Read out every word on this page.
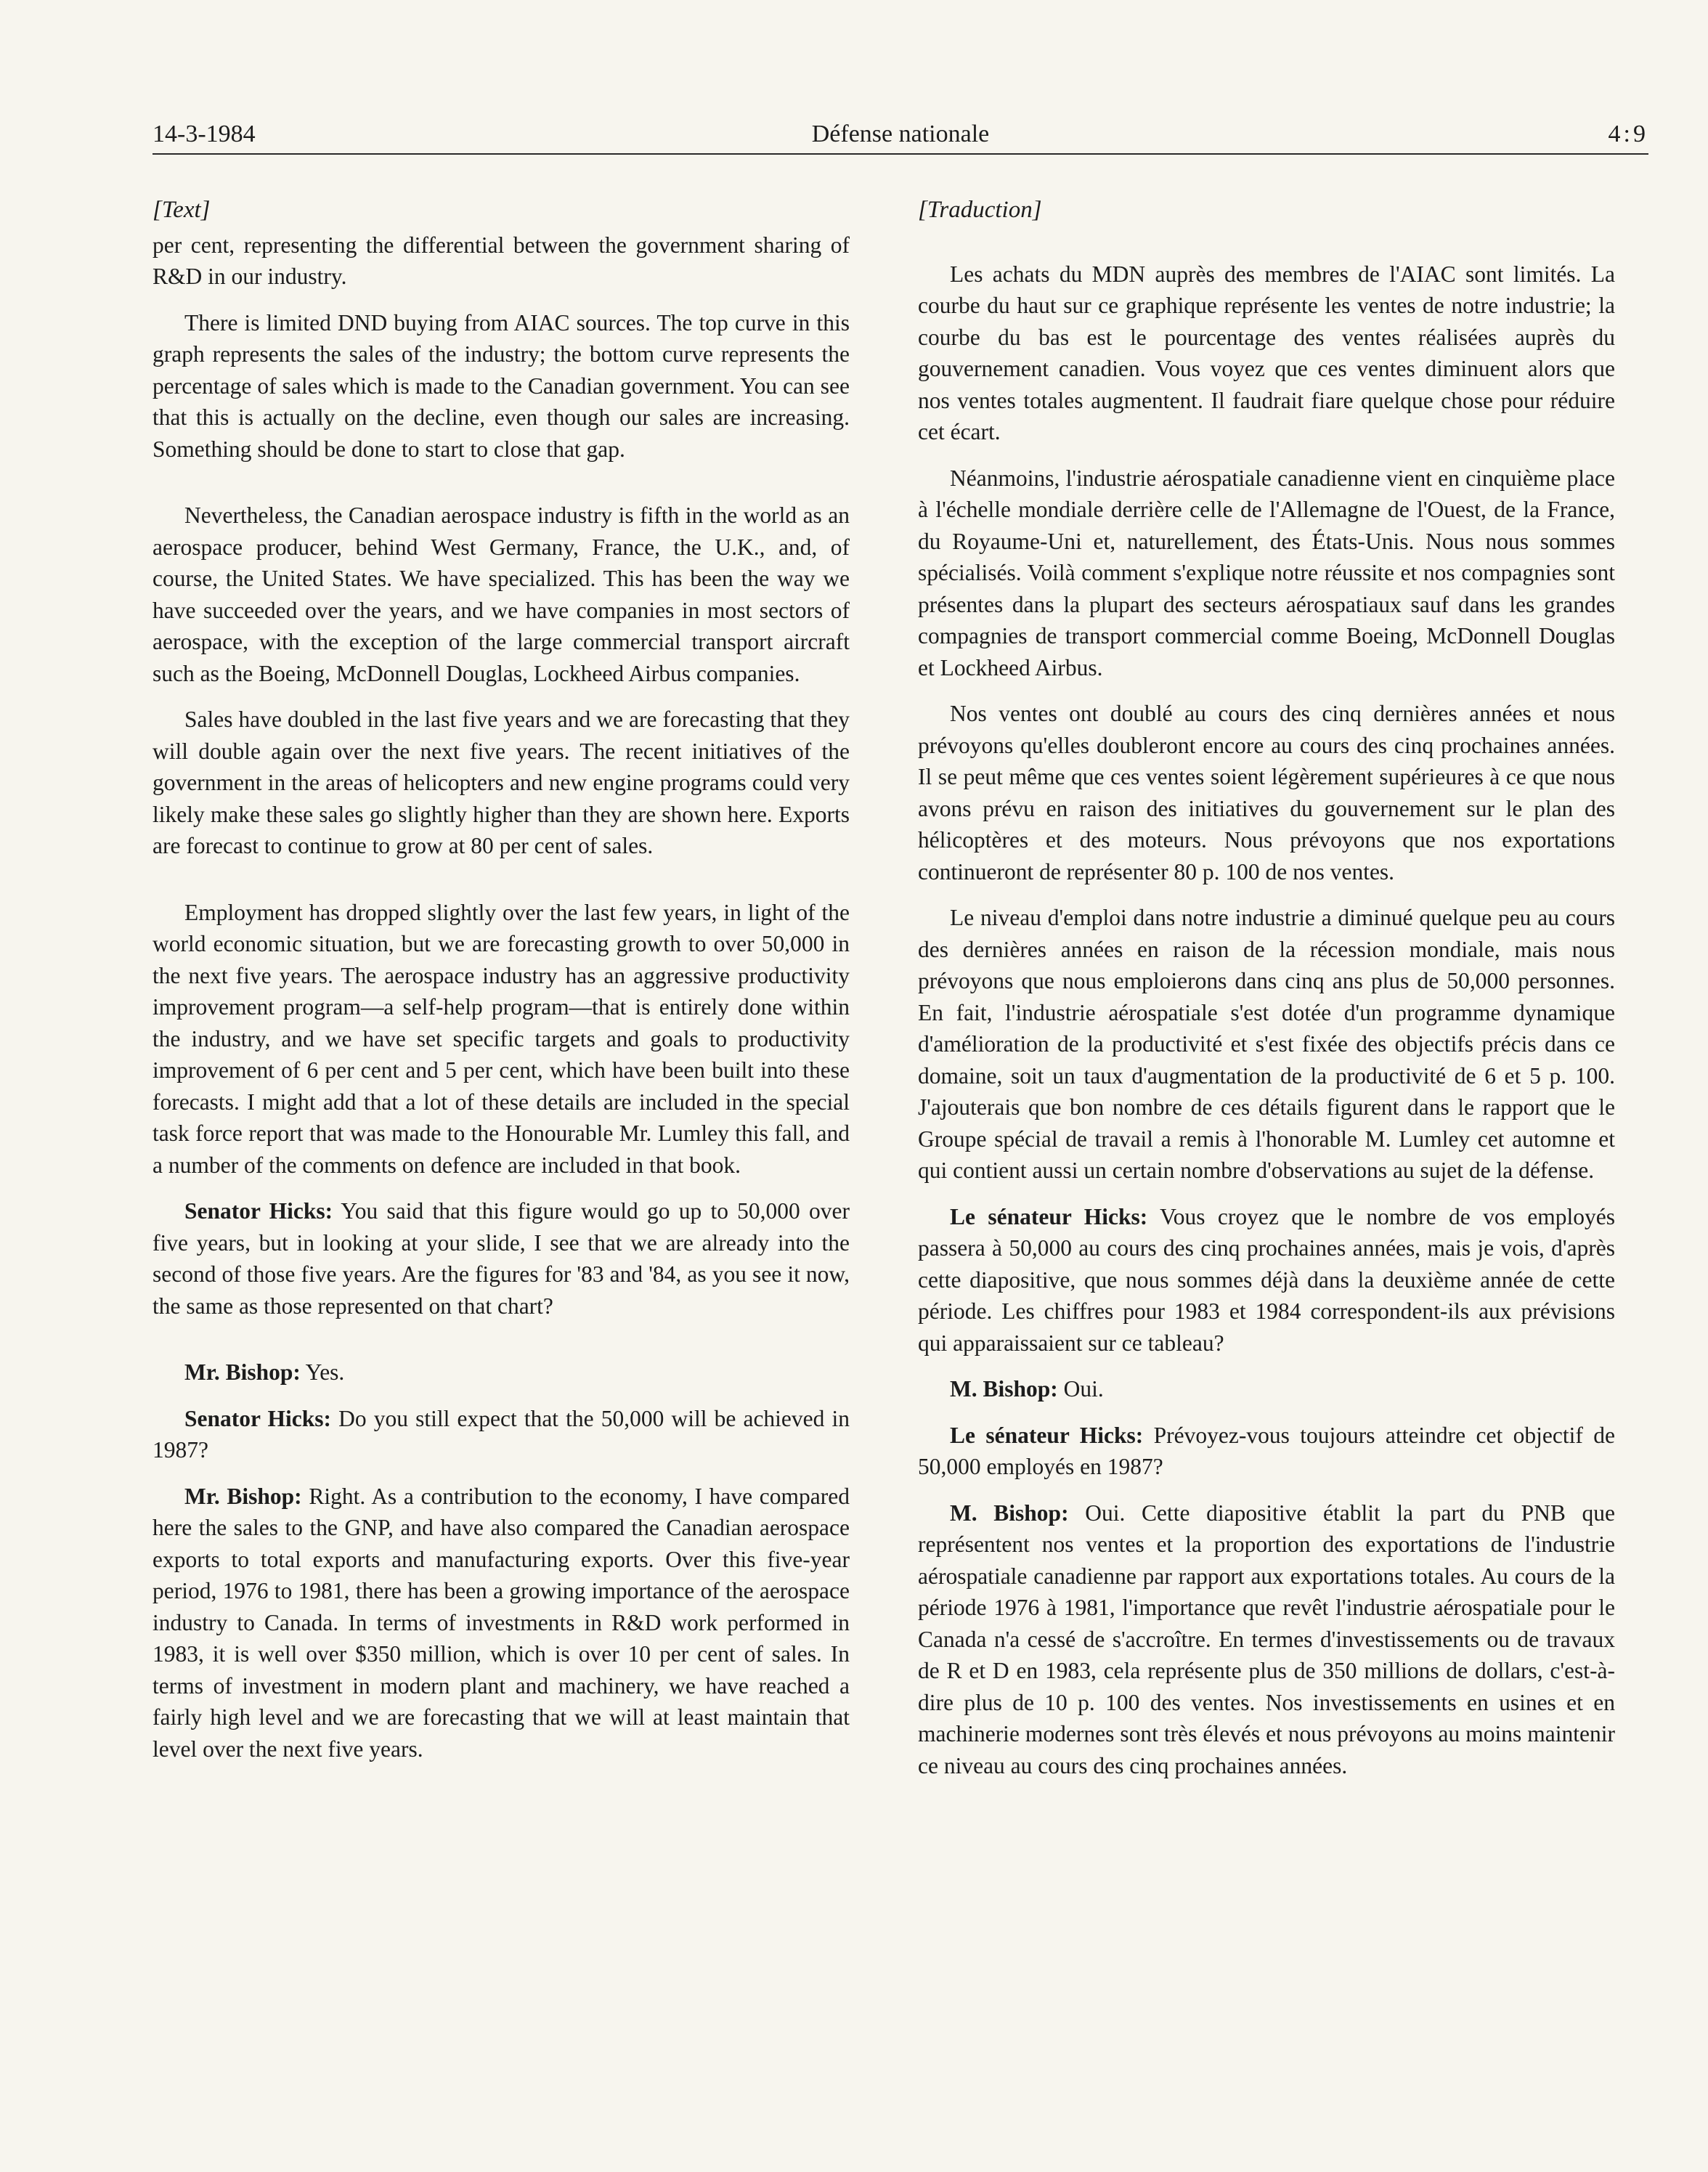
14-3-1984	Défense nationale	4:9
[Text]

per cent, representing the differential between the government sharing of R&D in our industry.

There is limited DND buying from AIAC sources. The top curve in this graph represents the sales of the industry; the bottom curve represents the percentage of sales which is made to the Canadian government. You can see that this is actually on the decline, even though our sales are increasing. Something should be done to start to close that gap.

Nevertheless, the Canadian aerospace industry is fifth in the world as an aerospace producer, behind West Germany, France, the U.K., and, of course, the United States. We have specialized. This has been the way we have succeeded over the years, and we have companies in most sectors of aerospace, with the exception of the large commercial transport aircraft such as the Boeing, McDonnell Douglas, Lockheed Airbus companies.

Sales have doubled in the last five years and we are forecasting that they will double again over the next five years. The recent initiatives of the government in the areas of helicopters and new engine programs could very likely make these sales go slightly higher than they are shown here. Exports are forecast to continue to grow at 80 per cent of sales.

Employment has dropped slightly over the last few years, in light of the world economic situation, but we are forecasting growth to over 50,000 in the next five years. The aerospace industry has an aggressive productivity improvement program—a self-help program—that is entirely done within the industry, and we have set specific targets and goals to productivity improvement of 6 per cent and 5 per cent, which have been built into these forecasts. I might add that a lot of these details are included in the special task force report that was made to the Honourable Mr. Lumley this fall, and a number of the comments on defence are included in that book.

Senator Hicks: You said that this figure would go up to 50,000 over five years, but in looking at your slide, I see that we are already into the second of those five years. Are the figures for '83 and '84, as you see it now, the same as those represented on that chart?

Mr. Bishop: Yes.

Senator Hicks: Do you still expect that the 50,000 will be achieved in 1987?

Mr. Bishop: Right. As a contribution to the economy, I have compared here the sales to the GNP, and have also compared the Canadian aerospace exports to total exports and manufacturing exports. Over this five-year period, 1976 to 1981, there has been a growing importance of the aerospace industry to Canada. In terms of investments in R&D work performed in 1983, it is well over $350 million, which is over 10 per cent of sales. In terms of investment in modern plant and machinery, we have reached a fairly high level and we are forecasting that we will at least maintain that level over the next five years.

[Traduction]

Les achats du MDN auprès des membres de l'AIAC sont limités. La courbe du haut sur ce graphique représente les ventes de notre industrie; la courbe du bas est le pourcentage des ventes réalisées auprès du gouvernement canadien. Vous voyez que ces ventes diminuent alors que nos ventes totales augmentent. Il faudrait fiare quelque chose pour réduire cet écart.

Néanmoins, l'industrie aérospatiale canadienne vient en cinquième place à l'échelle mondiale derrière celle de l'Allemagne de l'Ouest, de la France, du Royaume-Uni et, naturellement, des États-Unis. Nous nous sommes spécialisés. Voilà comment s'explique notre réussite et nos compagnies sont présentes dans la plupart des secteurs aérospatiaux sauf dans les grandes compagnies de transport commercial comme Boeing, McDonnell Douglas et Lockheed Airbus.

Nos ventes ont doublé au cours des cinq dernières années et nous prévoyons qu'elles doubleront encore au cours des cinq prochaines années. Il se peut même que ces ventes soient légèrement supérieures à ce que nous avons prévu en raison des initiatives du gouvernement sur le plan des hélicoptères et des moteurs. Nous prévoyons que nos exportations continueront de représenter 80 p. 100 de nos ventes.

Le niveau d'emploi dans notre industrie a diminué quelque peu au cours des dernières années en raison de la récession mondiale, mais nous prévoyons que nous emploierons dans cinq ans plus de 50,000 personnes. En fait, l'industrie aérospatiale s'est dotée d'un programme dynamique d'amélioration de la productivité et s'est fixée des objectifs précis dans ce domaine, soit un taux d'augmentation de la productivité de 6 et 5 p. 100. J'ajouterais que bon nombre de ces détails figurent dans le rapport que le Groupe spécial de travail a remis à l'honorable M. Lumley cet automne et qui contient aussi un certain nombre d'observations au sujet de la défense.

Le sénateur Hicks: Vous croyez que le nombre de vos employés passera à 50,000 au cours des cinq prochaines années, mais je vois, d'après cette diapositive, que nous sommes déjà dans la deuxième année de cette période. Les chiffres pour 1983 et 1984 correspondent-ils aux prévisions qui apparaissaient sur ce tableau?

M. Bishop: Oui.

Le sénateur Hicks: Prévoyez-vous toujours atteindre cet objectif de 50,000 employés en 1987?

M. Bishop: Oui. Cette diapositive établit la part du PNB que représentent nos ventes et la proportion des exportations de l'industrie aérospatiale canadienne par rapport aux exportations totales. Au cours de la période 1976 à 1981, l'importance que revêt l'industrie aérospatiale pour le Canada n'a cessé de s'accroître. En termes d'investissements ou de travaux de R et D en 1983, cela représente plus de 350 millions de dollars, c'est-à-dire plus de 10 p. 100 des ventes. Nos investissements en usines et en machinerie modernes sont très élevés et nous prévoyons au moins maintenir ce niveau au cours des cinq prochaines années.
